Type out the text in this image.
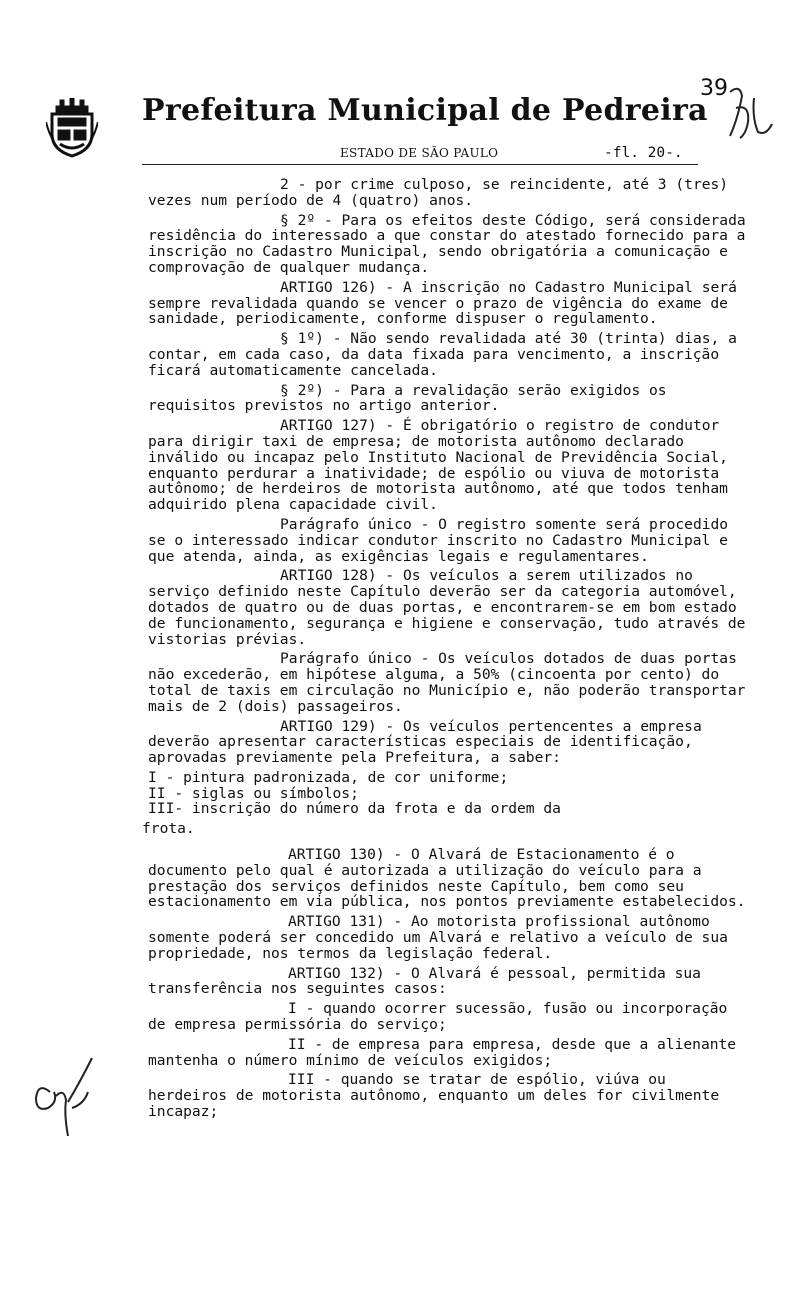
Prefeitura Municipal de Pedreira
39
ESTADO DE SÃO PAULO	-fl. 20-.

2 - por crime culposo, se reincidente, até 3 (tres) vezes num período de 4 (quatro) anos.

§ 2º - Para os efeitos deste Código, será considerada residência do interessado a que constar do atestado fornecido para a inscrição no Cadastro Municipal, sendo obrigatória a comunicação e comprovação de qualquer mudança.

ARTIGO 126) - A inscrição no Cadastro Municipal será sempre revalidada quando se vencer o prazo de vigência do exame de sanidade, periodicamente, conforme dispuser o regulamento.

§ 1º) - Não sendo revalidada até 30 (trinta) dias, a contar, em cada caso, da data fixada para vencimento, a inscrição ficará automaticamente cancelada.

§ 2º) - Para a revalidação serão exigidos os requisitos previstos no artigo anterior.

ARTIGO 127) - É obrigatório o registro de condutor para dirigir taxi de empresa; de motorista autônomo declarado inválido ou incapaz pelo Instituto Nacional de Previdência Social, enquanto perdurar a inatividade; de espólio ou viuva de motorista autônomo; de herdeiros de motorista autônomo, até que todos tenham adquirido plena capacidade civil.

Parágrafo único - O registro somente será procedido se o interessado indicar condutor inscrito no Cadastro Municipal e que atenda, ainda, as exigências legais e regulamentares.

ARTIGO 128) - Os veículos a serem utilizados no serviço definido neste Capítulo deverão ser da categoria automóvel, dotados de quatro ou de duas portas, e encontrarem-se em bom estado de funcionamento, segurança e higiene e conservação, tudo através de vistorias prévias.

Parágrafo único - Os veículos dotados de duas portas não excederão, em hipótese alguma, a 50% (cincoenta por cento) do total de taxis em circulação no Município e, não poderão transportar mais de 2 (dois) passageiros.

ARTIGO 129) - Os veículos pertencentes a empresa deverão apresentar características especiais de identificação, aprovadas previamente pela Prefeitura, a saber:

I - pintura padronizada, de cor uniforme;

II - siglas ou símbolos;

III- inscrição do número da frota e da ordem da

frota.

ARTIGO 130) - O Alvará de Estacionamento é o documento pelo qual é autorizada a utilização do veículo para a prestação dos serviços definidos neste Capítulo, bem como seu estacionamento em via pública, nos pontos previamente estabelecidos.

ARTIGO 131) - Ao motorista profissional autônomo somente poderá ser concedido um Alvará e relativo a veículo de sua propriedade, nos termos da legislação federal.

ARTIGO 132) - O Alvará é pessoal, permitida sua transferência nos seguintes casos:

I - quando ocorrer sucessão, fusão ou incorporação de empresa permissória do serviço;

II - de empresa para empresa, desde que a alienante mantenha o número mínimo de veículos exigidos;

III - quando se tratar de espólio, viúva ou herdeiros de motorista autônomo, enquanto um deles for civilmente incapaz;
